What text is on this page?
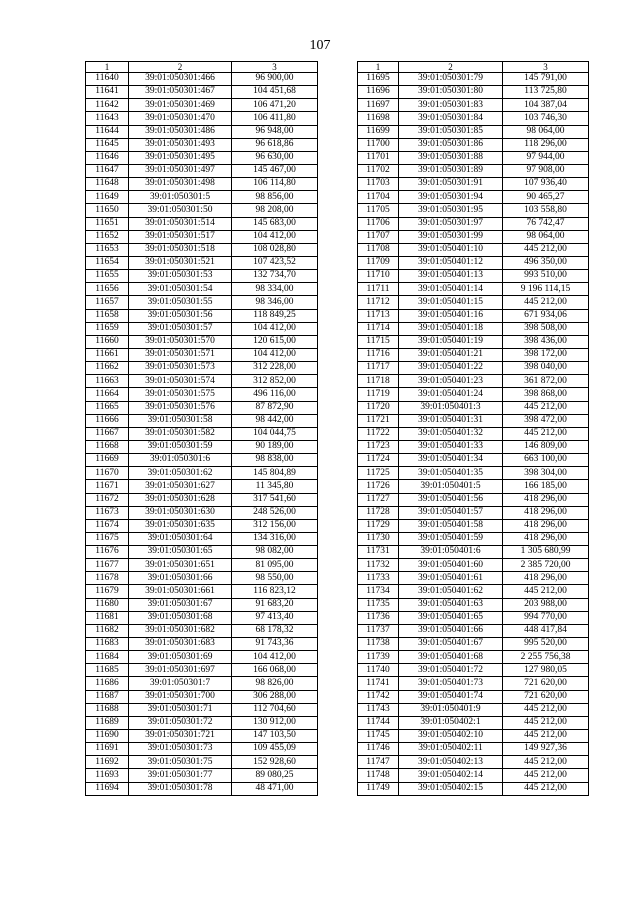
107
1	2	3
11640	39:01:050301:466	96 900,00
11641	39:01:050301:467	104 451,68
11642	39:01:050301:469	106 471,20
11643	39:01:050301:470	106 411,80
11644	39:01:050301:486	96 948,00
11645	39:01:050301:493	96 618,86
11646	39:01:050301:495	96 630,00
11647	39:01:050301:497	145 467,00
11648	39:01:050301:498	106 114,80
11649	39:01:050301:5	98 856,00
11650	39:01:050301:50	98 208,00
11651	39:01:050301:514	145 683,00
11652	39:01:050301:517	104 412,00
11653	39:01:050301:518	108 028,80
11654	39:01:050301:521	107 423,52
11655	39:01:050301:53	132 734,70
11656	39:01:050301:54	98 334,00
11657	39:01:050301:55	98 346,00
11658	39:01:050301:56	118 849,25
11659	39:01:050301:57	104 412,00
11660	39:01:050301:570	120 615,00
11661	39:01:050301:571	104 412,00
11662	39:01:050301:573	312 228,00
11663	39:01:050301:574	312 852,00
11664	39:01:050301:575	496 116,00
11665	39:01:050301:576	87 872,90
11666	39:01:050301:58	98 442,00
11667	39:01:050301:582	104 044,75
11668	39:01:050301:59	90 189,00
11669	39:01:050301:6	98 838,00
11670	39:01:050301:62	145 804,89
11671	39:01:050301:627	11 345,80
11672	39:01:050301:628	317 541,60
11673	39:01:050301:630	248 526,00
11674	39:01:050301:635	312 156,00
11675	39:01:050301:64	134 316,00
11676	39:01:050301:65	98 082,00
11677	39:01:050301:651	81 095,00
11678	39:01:050301:66	98 550,00
11679	39:01:050301:661	116 823,12
11680	39:01:050301:67	91 683,20
11681	39:01:050301:68	97 413,40
11682	39:01:050301:682	68 178,32
11683	39:01:050301:683	91 743,36
11684	39:01:050301:69	104 412,00
11685	39:01:050301:697	166 068,00
11686	39:01:050301:7	98 826,00
11687	39:01:050301:700	306 288,00
11688	39:01:050301:71	112 704,60
11689	39:01:050301:72	130 912,00
11690	39:01:050301:721	147 103,50
11691	39:01:050301:73	109 455,09
11692	39:01:050301:75	152 928,60
11693	39:01:050301:77	89 080,25
11694	39:01:050301:78	48 471,00
1	2	3
11695	39:01:050301:79	145 791,00
11696	39:01:050301:80	113 725,80
11697	39:01:050301:83	104 387,04
11698	39:01:050301:84	103 746,30
11699	39:01:050301:85	98 064,00
11700	39:01:050301:86	118 296,00
11701	39:01:050301:88	97 944,00
11702	39:01:050301:89	97 908,00
11703	39:01:050301:91	107 936,40
11704	39:01:050301:94	90 465,27
11705	39:01:050301:95	103 558,80
11706	39:01:050301:97	76 742,47
11707	39:01:050301:99	98 064,00
11708	39:01:050401:10	445 212,00
11709	39:01:050401:12	496 350,00
11710	39:01:050401:13	993 510,00
11711	39:01:050401:14	9 196 114,15
11712	39:01:050401:15	445 212,00
11713	39:01:050401:16	671 934,06
11714	39:01:050401:18	398 508,00
11715	39:01:050401:19	398 436,00
11716	39:01:050401:21	398 172,00
11717	39:01:050401:22	398 040,00
11718	39:01:050401:23	361 872,00
11719	39:01:050401:24	398 868,00
11720	39:01:050401:3	445 212,00
11721	39:01:050401:31	398 472,00
11722	39:01:050401:32	445 212,00
11723	39:01:050401:33	146 809,00
11724	39:01:050401:34	663 100,00
11725	39:01:050401:35	398 304,00
11726	39:01:050401:5	166 185,00
11727	39:01:050401:56	418 296,00
11728	39:01:050401:57	418 296,00
11729	39:01:050401:58	418 296,00
11730	39:01:050401:59	418 296,00
11731	39:01:050401:6	1 305 680,99
11732	39:01:050401:60	2 385 720,00
11733	39:01:050401:61	418 296,00
11734	39:01:050401:62	445 212,00
11735	39:01:050401:63	203 988,00
11736	39:01:050401:65	994 770,00
11737	39:01:050401:66	448 417,84
11738	39:01:050401:67	995 520,00
11739	39:01:050401:68	2 255 756,38
11740	39:01:050401:72	127 980,05
11741	39:01:050401:73	721 620,00
11742	39:01:050401:74	721 620,00
11743	39:01:050401:9	445 212,00
11744	39:01:050402:1	445 212,00
11745	39:01:050402:10	445 212,00
11746	39:01:050402:11	149 927,36
11747	39:01:050402:13	445 212,00
11748	39:01:050402:14	445 212,00
11749	39:01:050402:15	445 212,00
